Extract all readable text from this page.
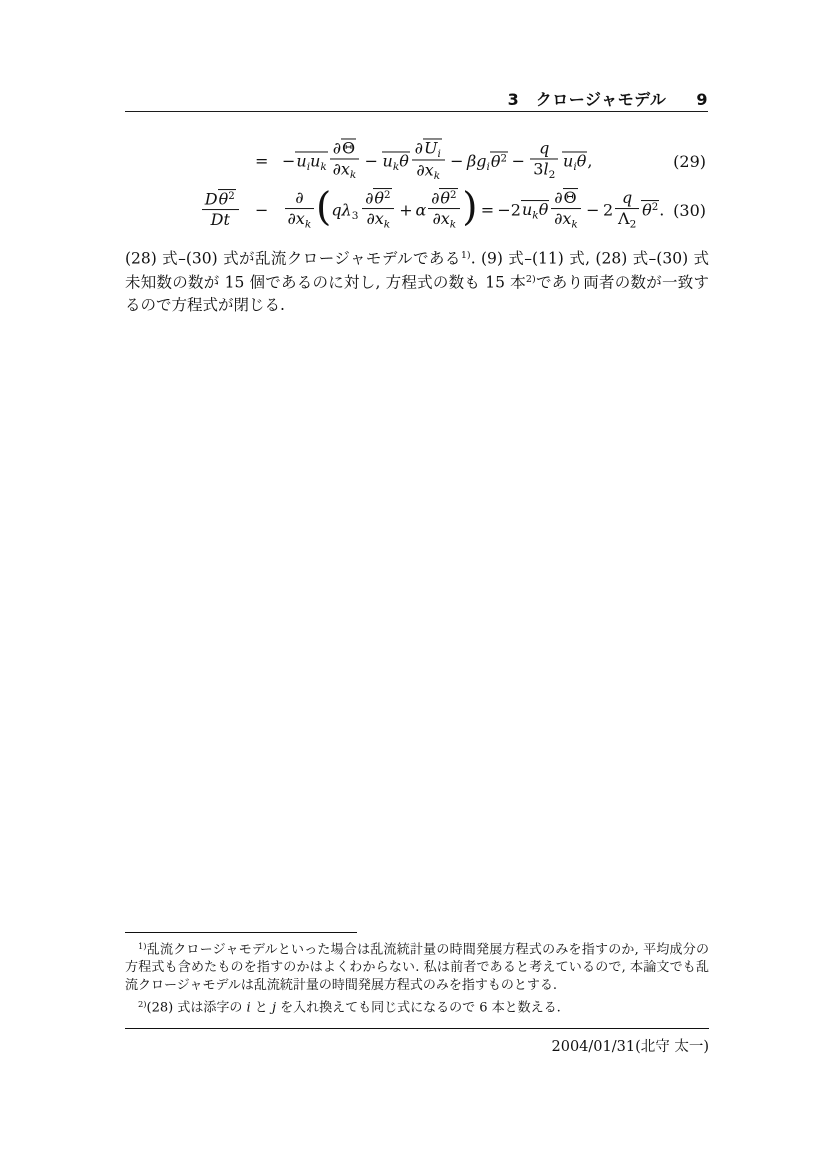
3　クロージャモデル 9
= $-u_iu_k \frac{\partial\Theta}{\partial x_k} - u_k\theta \frac{\partial U_i}{\partial x_k} - \beta g_i\theta^2 - \frac{q}{3l_2} u_i\theta$,	(29)
$\frac{D\theta^2}{Dt} - \frac{\partial}{\partial x_k} (q\lambda_3 \frac{\partial\theta^2}{\partial x_k} + \alpha \frac{\partial\theta^2}{\partial x_k}$ ) = $-2u_k\theta \frac{\partial\Theta}{\partial x_k} - 2 \frac{q}{\Lambda_2} \theta^2$. (30)

(28) 式–(30) 式が乱流クロージャモデルである$^{1)}$. (9) 式–(11) 式, (28) 式–(30) 式未知数の数が 15 個であるのに対し, 方程式の数も 15 本$^{2)}$であり両者の数が一致するので方程式が閉じる.

$^{1)}$乱流クロージャモデルといった場合は乱流統計量の時間発展方程式のみを指すのか, 平均成分の方程式も含めたものを指すのかはよくわからない. 私は前者であると考えているので, 本論文でも乱流クロージャモデルは乱流統計量の時間発展方程式のみを指すものとする.

$^{2)}$(28) 式は添字の i と j を入れ換えても同じ式になるので 6 本と数える.

2004/01/31(北守 太一)
